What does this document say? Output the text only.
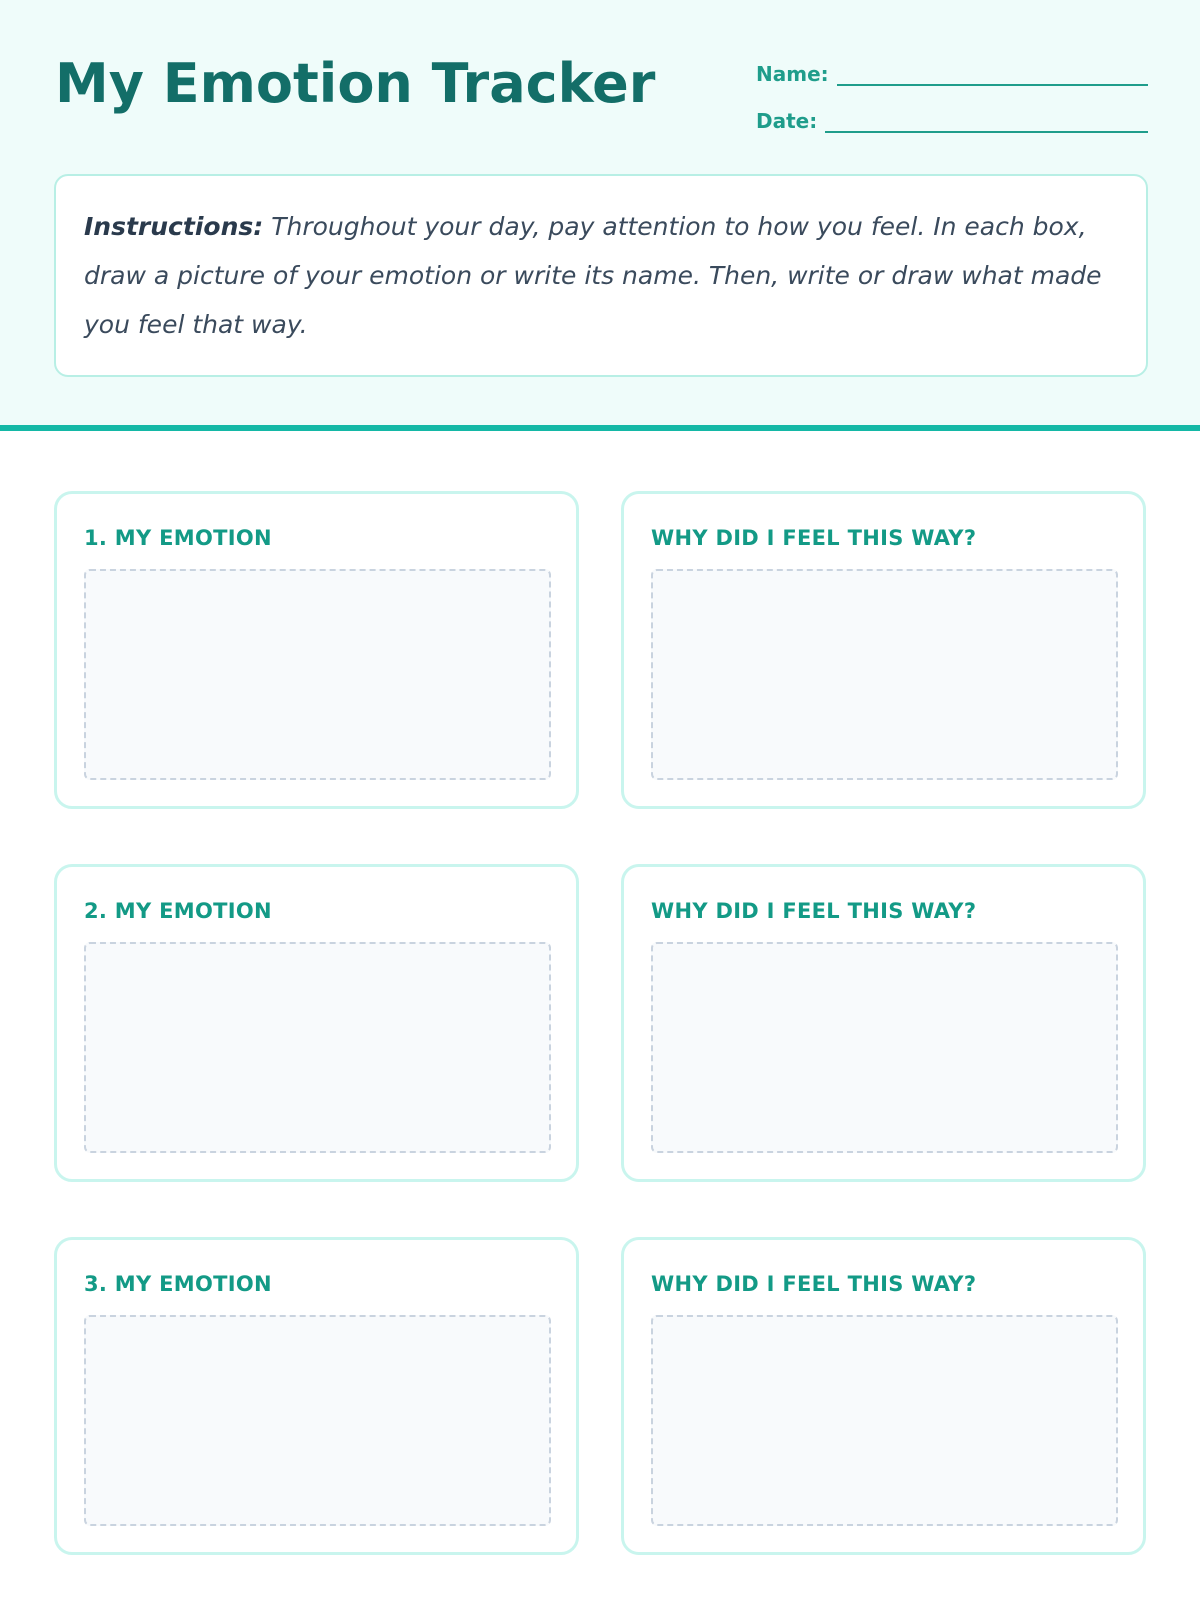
My Emotion Tracker	Name:
Date:
Instructions: Throughout your day, pay attention to how you feel. In each box, draw a picture of your emotion or write its name. Then, write or draw what made you feel that way.
1. MY EMOTION	WHY DID I FEEL THIS WAY?
2. MY EMOTION	WHY DID I FEEL THIS WAY?
3. MY EMOTION	WHY DID I FEEL THIS WAY?
